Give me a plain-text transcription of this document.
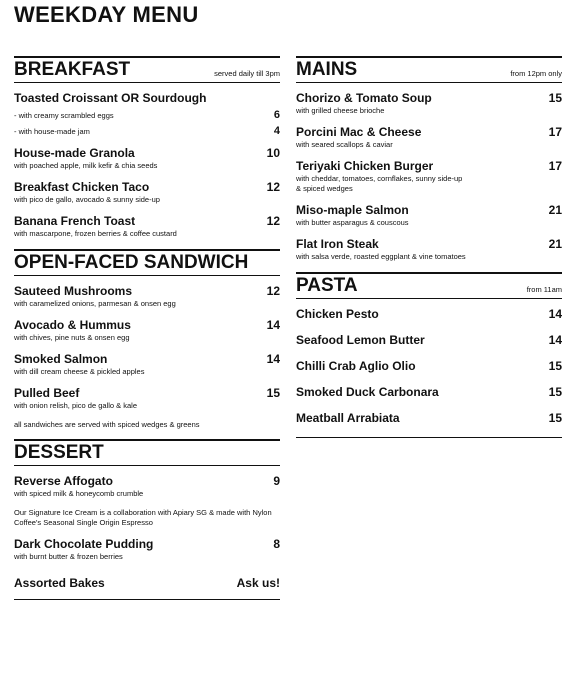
WEEKDAY MENU
BREAKFAST	served daily till 3pm
Toasted Croissant OR Sourdough
- with creamy scrambled eggs	6
- with house-made jam	4
House-made Granola	10
with poached apple, milk kefir & chia seeds
Breakfast Chicken Taco	12
with pico de gallo, avocado & sunny side-up
Banana French Toast	12
with mascarpone, frozen berries & coffee custard
OPEN-FACED SANDWICH
Sauteed Mushrooms	12
with caramelized onions, parmesan & onsen egg
Avocado & Hummus	14
with chives, pine nuts & onsen egg
Smoked Salmon	14
with dill cream cheese & pickled apples
Pulled Beef	15
with onion relish, pico de gallo & kale
all sandwiches are served with spiced wedges & greens
DESSERT
Reverse Affogato	9
with spiced milk & honeycomb crumble
Our Signature Ice Cream is a collaboration with Apiary SG & made with Nylon Coffee's Seasonal Single Origin Espresso
Dark Chocolate Pudding	8
with burnt butter & frozen berries
Assorted Bakes	Ask us!
MAINS	from 12pm only
Chorizo & Tomato Soup	15
with grilled cheese brioche
Porcini Mac & Cheese	17
with seared scallops & caviar
Teriyaki Chicken Burger	17
with cheddar, tomatoes, cornflakes, sunny side-up & spiced wedges
Miso-maple Salmon	21
with butter asparagus & couscous
Flat Iron Steak	21
with salsa verde, roasted eggplant & vine tomatoes
PASTA	from 11am
Chicken Pesto	14
Seafood Lemon Butter	14
Chilli Crab Aglio Olio	15
Smoked Duck Carbonara	15
Meatball Arrabiata	15
